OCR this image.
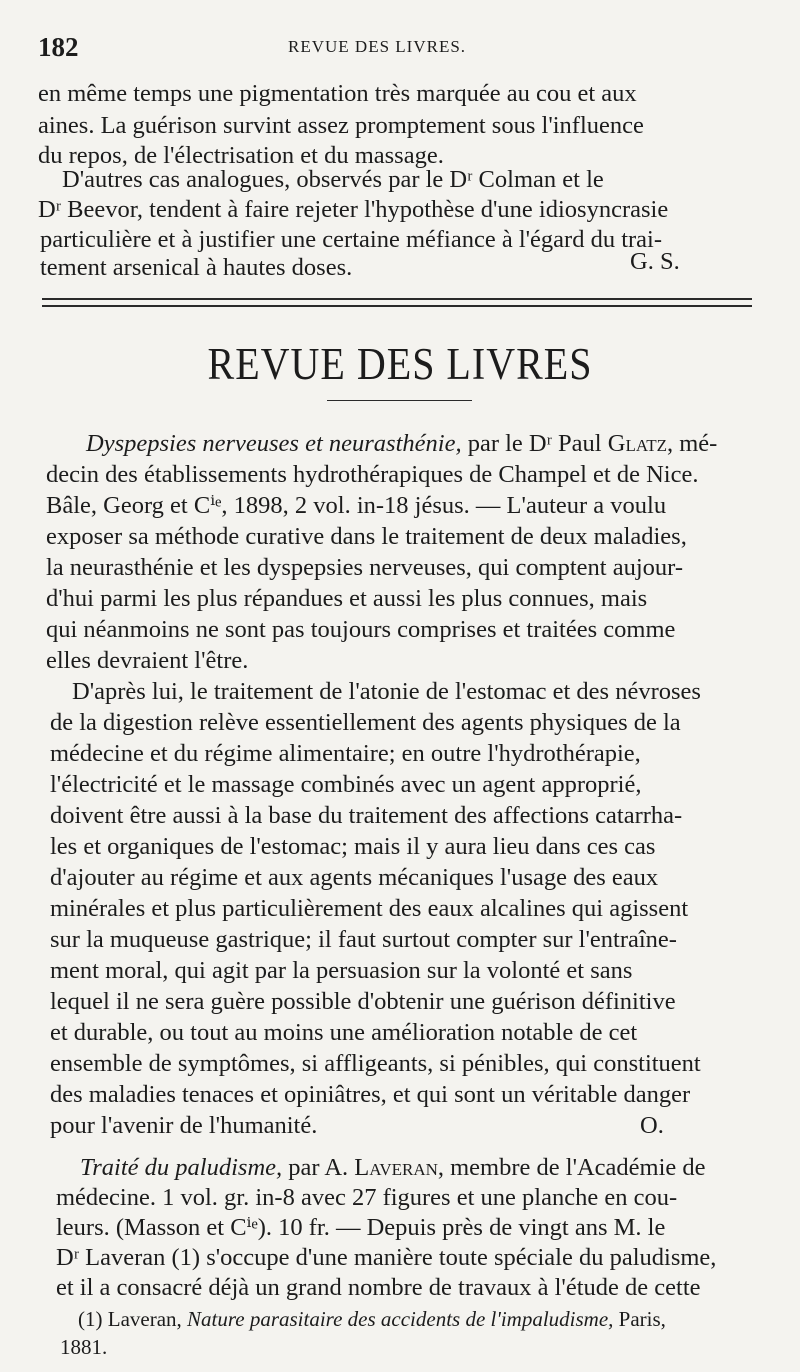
182	REVUE DES LIVRES.
en même temps une pigmentation très marquée au cou et aux
aines. La guérison survint assez promptement sous l'influence
du repos, de l'électrisation et du massage.
D'autres cas analogues, observés par le Dʳ Colman et le
Dʳ Beevor, tendent à faire rejeter l'hypothèse d'une idiosyncrasie
particulière et à justifier une certaine méfiance à l'égard du trai-
tement arsenical à hautes doses.	G. S.
REVUE DES LIVRES
Dyspepsies nerveuses et neurasthénie, par le Dʳ Paul Glatz, mé-
decin des établissements hydrothérapiques de Champel et de Nice.
Bâle, Georg et Cⁱᵉ, 1898, 2 vol. in-18 jésus. — L'auteur a voulu
exposer sa méthode curative dans le traitement de deux maladies,
la neurasthénie et les dyspepsies nerveuses, qui comptent aujour-
d'hui parmi les plus répandues et aussi les plus connues, mais
qui néanmoins ne sont pas toujours comprises et traitées comme
elles devraient l'être.
D'après lui, le traitement de l'atonie de l'estomac et des névroses
de la digestion relève essentiellement des agents physiques de la
médecine et du régime alimentaire; en outre l'hydrothérapie,
l'électricité et le massage combinés avec un agent approprié,
doivent être aussi à la base du traitement des affections catarrha-
les et organiques de l'estomac; mais il y aura lieu dans ces cas
d'ajouter au régime et aux agents mécaniques l'usage des eaux
minérales et plus particulièrement des eaux alcalines qui agissent
sur la muqueuse gastrique; il faut surtout compter sur l'entraîne-
ment moral, qui agit par la persuasion sur la volonté et sans
lequel il ne sera guère possible d'obtenir une guérison définitive
et durable, ou tout au moins une amélioration notable de cet
ensemble de symptômes, si affligeants, si pénibles, qui constituent
des maladies tenaces et opiniâtres, et qui sont un véritable danger
pour l'avenir de l'humanité.	O.
Traité du paludisme, par A. Laveran, membre de l'Académie de
médecine. 1 vol. gr. in-8 avec 27 figures et une planche en cou-
leurs. (Masson et Cⁱᵉ). 10 fr. — Depuis près de vingt ans M. le
Dʳ Laveran (1) s'occupe d'une manière toute spéciale du paludisme,
et il a consacré déjà un grand nombre de travaux à l'étude de cette
(1) Laveran, Nature parasitaire des accidents de l'impaludisme, Paris,
1881.
